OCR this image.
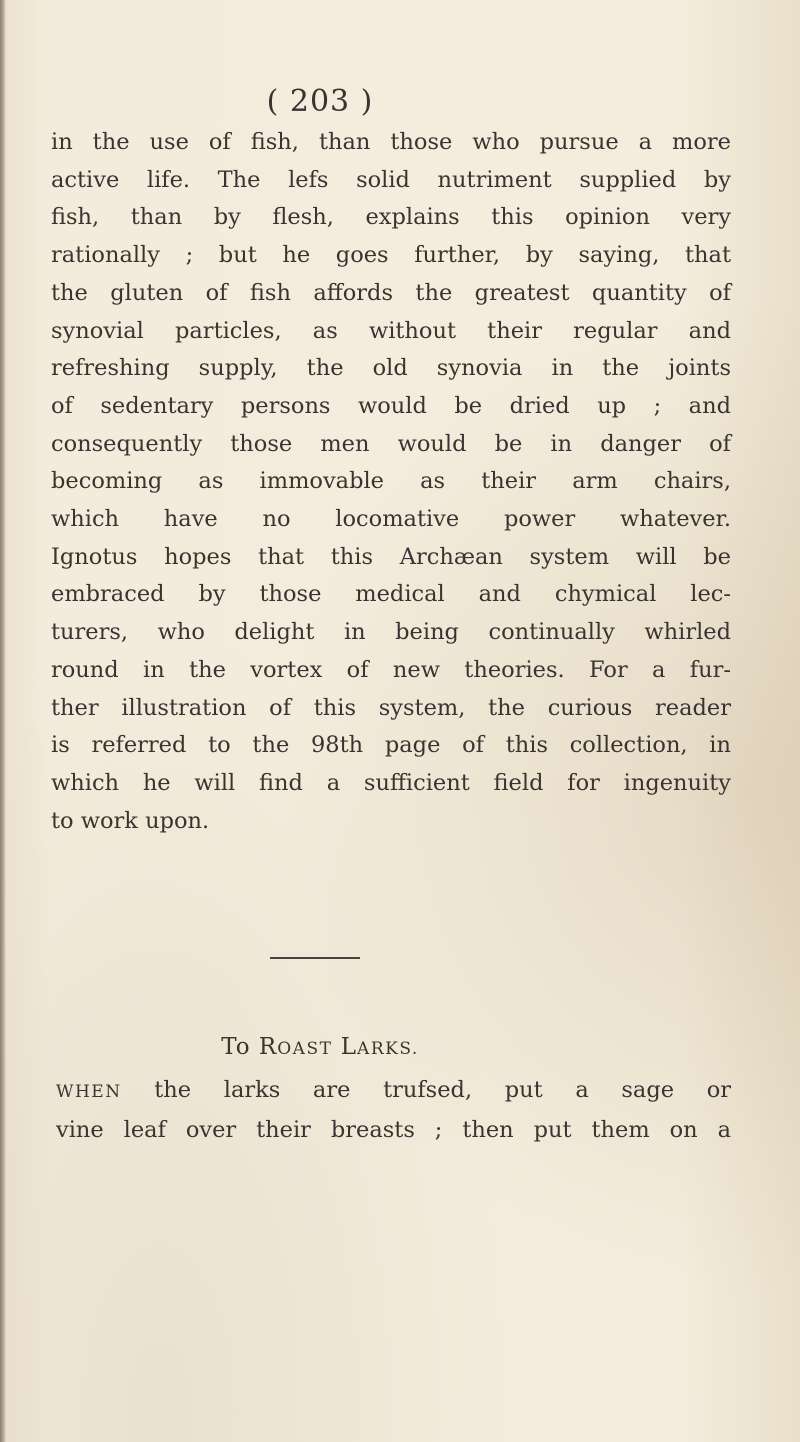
( 203 )
in the use of fish, than those who pursue a more
active life. The lefs solid nutriment supplied by
fish, than by flesh, explains this opinion very
rationally ; but he goes further, by saying, that
the gluten of fish affords the greatest quantity of
synovial particles, as without their regular and
refreshing supply, the old synovia in the joints
of sedentary persons would be dried up ; and
consequently those men would be in danger of
becoming as immovable as their arm chairs,
which have no locomative power whatever.
Ignotus hopes that this Archæan system will be
embraced by those medical and chymical lec-
turers, who delight in being continually whirled
round in the vortex of new theories. For a fur-
ther illustration of this system, the curious reader
is referred to the 98th page of this collection, in
which he will find a sufficient field for ingenuity
to work upon.
To ROAST LARKS.
WHEN the larks are trufsed, put a sage or
vine leaf over their breasts ; then put them on a
